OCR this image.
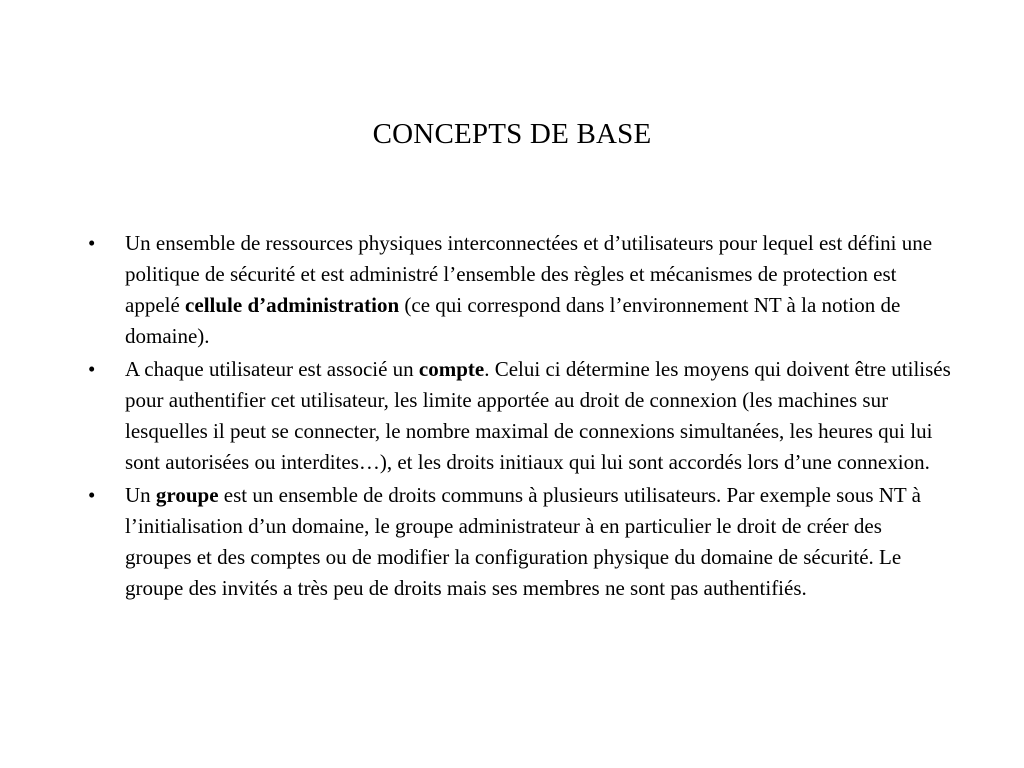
CONCEPTS DE BASE
• Un ensemble de ressources physiques interconnectées et d’utilisateurs pour lequel est défini une politique de sécurité et est administré l’ensemble des règles et mécanismes de protection est appelé cellule d’administration (ce qui correspond dans l’environnement NT à la notion de domaine).
• A chaque utilisateur est associé un compte. Celui ci détermine les moyens qui doivent être utilisés pour authentifier cet utilisateur, les limite apportée au droit de connexion (les machines sur lesquelles il peut se connecter, le nombre maximal de connexions simultanées, les heures qui lui sont autorisées ou interdites…), et les droits initiaux qui lui sont accordés lors d’une connexion.
• Un groupe est un ensemble de droits communs à plusieurs utilisateurs. Par exemple sous NT à l’initialisation d’un domaine, le groupe administrateur à en particulier le droit de créer des groupes et des comptes ou de modifier la configuration physique du domaine de sécurité. Le groupe des invités a très peu de droits mais ses membres ne sont pas authentifiés.
